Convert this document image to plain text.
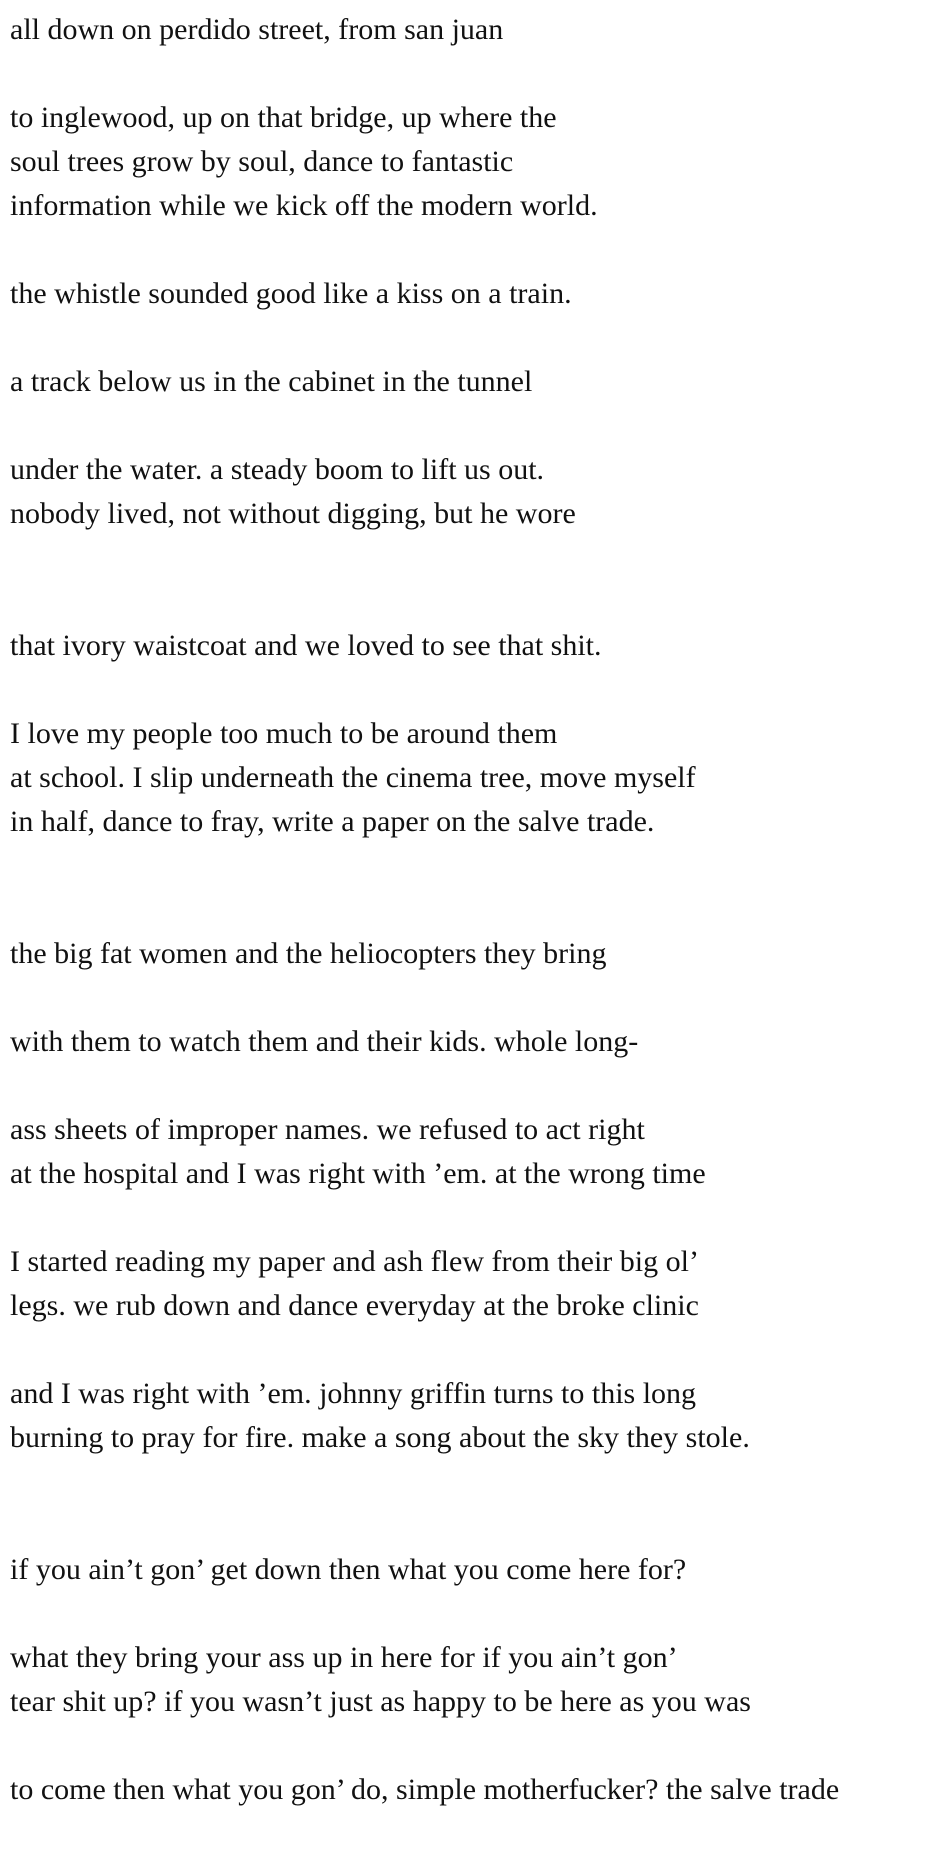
all down on perdido street, from san juan
to inglewood, up on that bridge, up where the
soul trees grow by soul, dance to fantastic
information while we kick off the modern world.
the whistle sounded good like a kiss on a train.
a track below us in the cabinet in the tunnel
under the water. a steady boom to lift us out.
nobody lived, not without digging, but he wore
that ivory waistcoat and we loved to see that shit.
I love my people too much to be around them
at school. I slip underneath the cinema tree, move myself
in half, dance to fray, write a paper on the salve trade.
the big fat women and the heliocopters they bring
with them to watch them and their kids. whole long-
ass sheets of improper names. we refused to act right
at the hospital and I was right with ’em. at the wrong time
I started reading my paper and ash flew from their big ol’
legs. we rub down and dance everyday at the broke clinic
and I was right with ’em. johnny griffin turns to this long
burning to pray for fire. make a song about the sky they stole.
if you ain’t gon’ get down then what you come here for?
what they bring your ass up in here for if you ain’t gon’
tear shit up? if you wasn’t just as happy to be here as you was
to come then what you gon’ do, simple motherfucker? the salve trade
